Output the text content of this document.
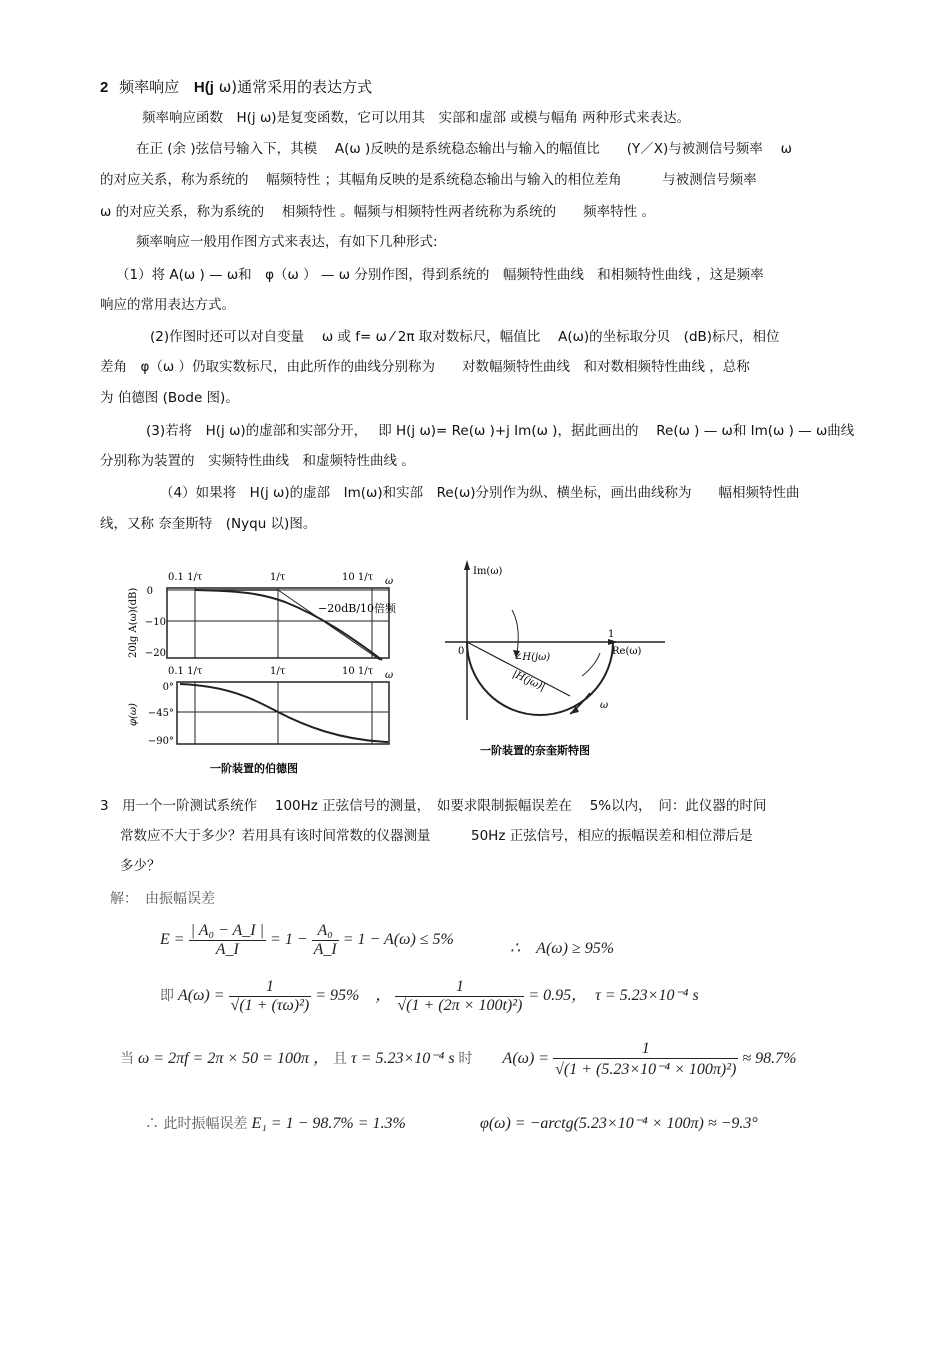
2 频率响应 H(j ω)通常采用的表达方式
频率响应函数　H(j ω)是复变函数，它可以用其　实部和虚部 或模与幅角 两种形式来表达。
在正 (余 )弦信号输入下，其模　 A(ω )反映的是系统稳态输出与输入的幅值比　　(Y／X)与被测信号频率　 ω
的对应关系，称为系统的　 幅频特性 ；其幅角反映的是系统稳态输出与输入的相位差角　　　与被测信号频率
ω 的对应关系，称为系统的　 相频特性 。幅频与相频特性两者统称为系统的　　频率特性 。
频率响应一般用作图方式来表达，有如下几种形式:
（1）将 A(ω ) — ω和　φ（ω ） — ω 分别作图，得到系统的　幅频特性曲线　和相频特性曲线 ，这是频率
响应的常用表达方式。
(2)作图时还可以对自变量　 ω 或 f= ω ⁄ 2π 取对数标尺，幅值比　 A(ω)的坐标取分贝　(dB)标尺，相位
差角　φ（ω ）仍取实数标尺，由此所作的曲线分别称为　　对数幅频特性曲线　和对数相频特性曲线 ，总称
为 伯德图 (Bode 图)。
(3)若将　H(j ω)的虚部和实部分开，　 即 H(j ω)= Re(ω )+j Im(ω )，据此画出的　 Re(ω ) — ω和 Im(ω ) — ω曲线
分别称为装置的　实频特性曲线　和虚频特性曲线 。
（4）如果将　H(j ω)的虚部　Im(ω)和实部　Re(ω)分别作为纵、横坐标，画出曲线称为　　幅相频特性曲
线，又称 奈奎斯特　(Nyqu 以)图。
0.1 1/τ	1/τ	10 1/τ ω
−20dB/10倍频
0
−10
−20
20lg A(ω)(dB)
0.1 1/τ	1/τ	10 1/τ ω
0°
−45°
−90°
φ(ω)
一阶装置的伯德图
Im(ω)
Re(ω)
0
1
∠H(jω)
|H(jω)|
ω
一阶装置的奈奎斯特图
3　用一个一阶测试系统作　 100Hz 正弦信号的测量，　如要求限制振幅误差在　 5%以内，　问：此仪器的时间
常数应不大于多少？若用具有该时间常数的仪器测量　　　50Hz 正弦信号，相应的振幅误差和相位滞后是
多少？
解：　由振幅误差
$E = \frac{\text{| A₀ − A\_I |}}{A\_I} = 1 - \frac{\text{A₀}}{A\_I} = 1 - A(\omega) \le 5\%$
∴　A(ω) ≥ 95%
即 $A(\omega) = \frac{1}{\text{√(1 + (τω)²)}} = 95\%$　， $\frac{1}{\text{√(1 + (2π × 100t)²)}} = 0.95$，　τ = 5.23×10⁻⁴ s
当 ω = 2πf = 2π × 50 = 100π ， 且 τ = 5.23×10⁻⁴ s 时 $A(\omega) = \frac{1}{\text{√(1 + (5.23×10⁻⁴ × 100π)²)}} \approx 98.7\%$
∴ 此时振幅误差 E₁ = 1 − 98.7% = 1.3%	φ(ω) = −arctg(5.23×10⁻⁴ × 100π) ≈ −9.3°
